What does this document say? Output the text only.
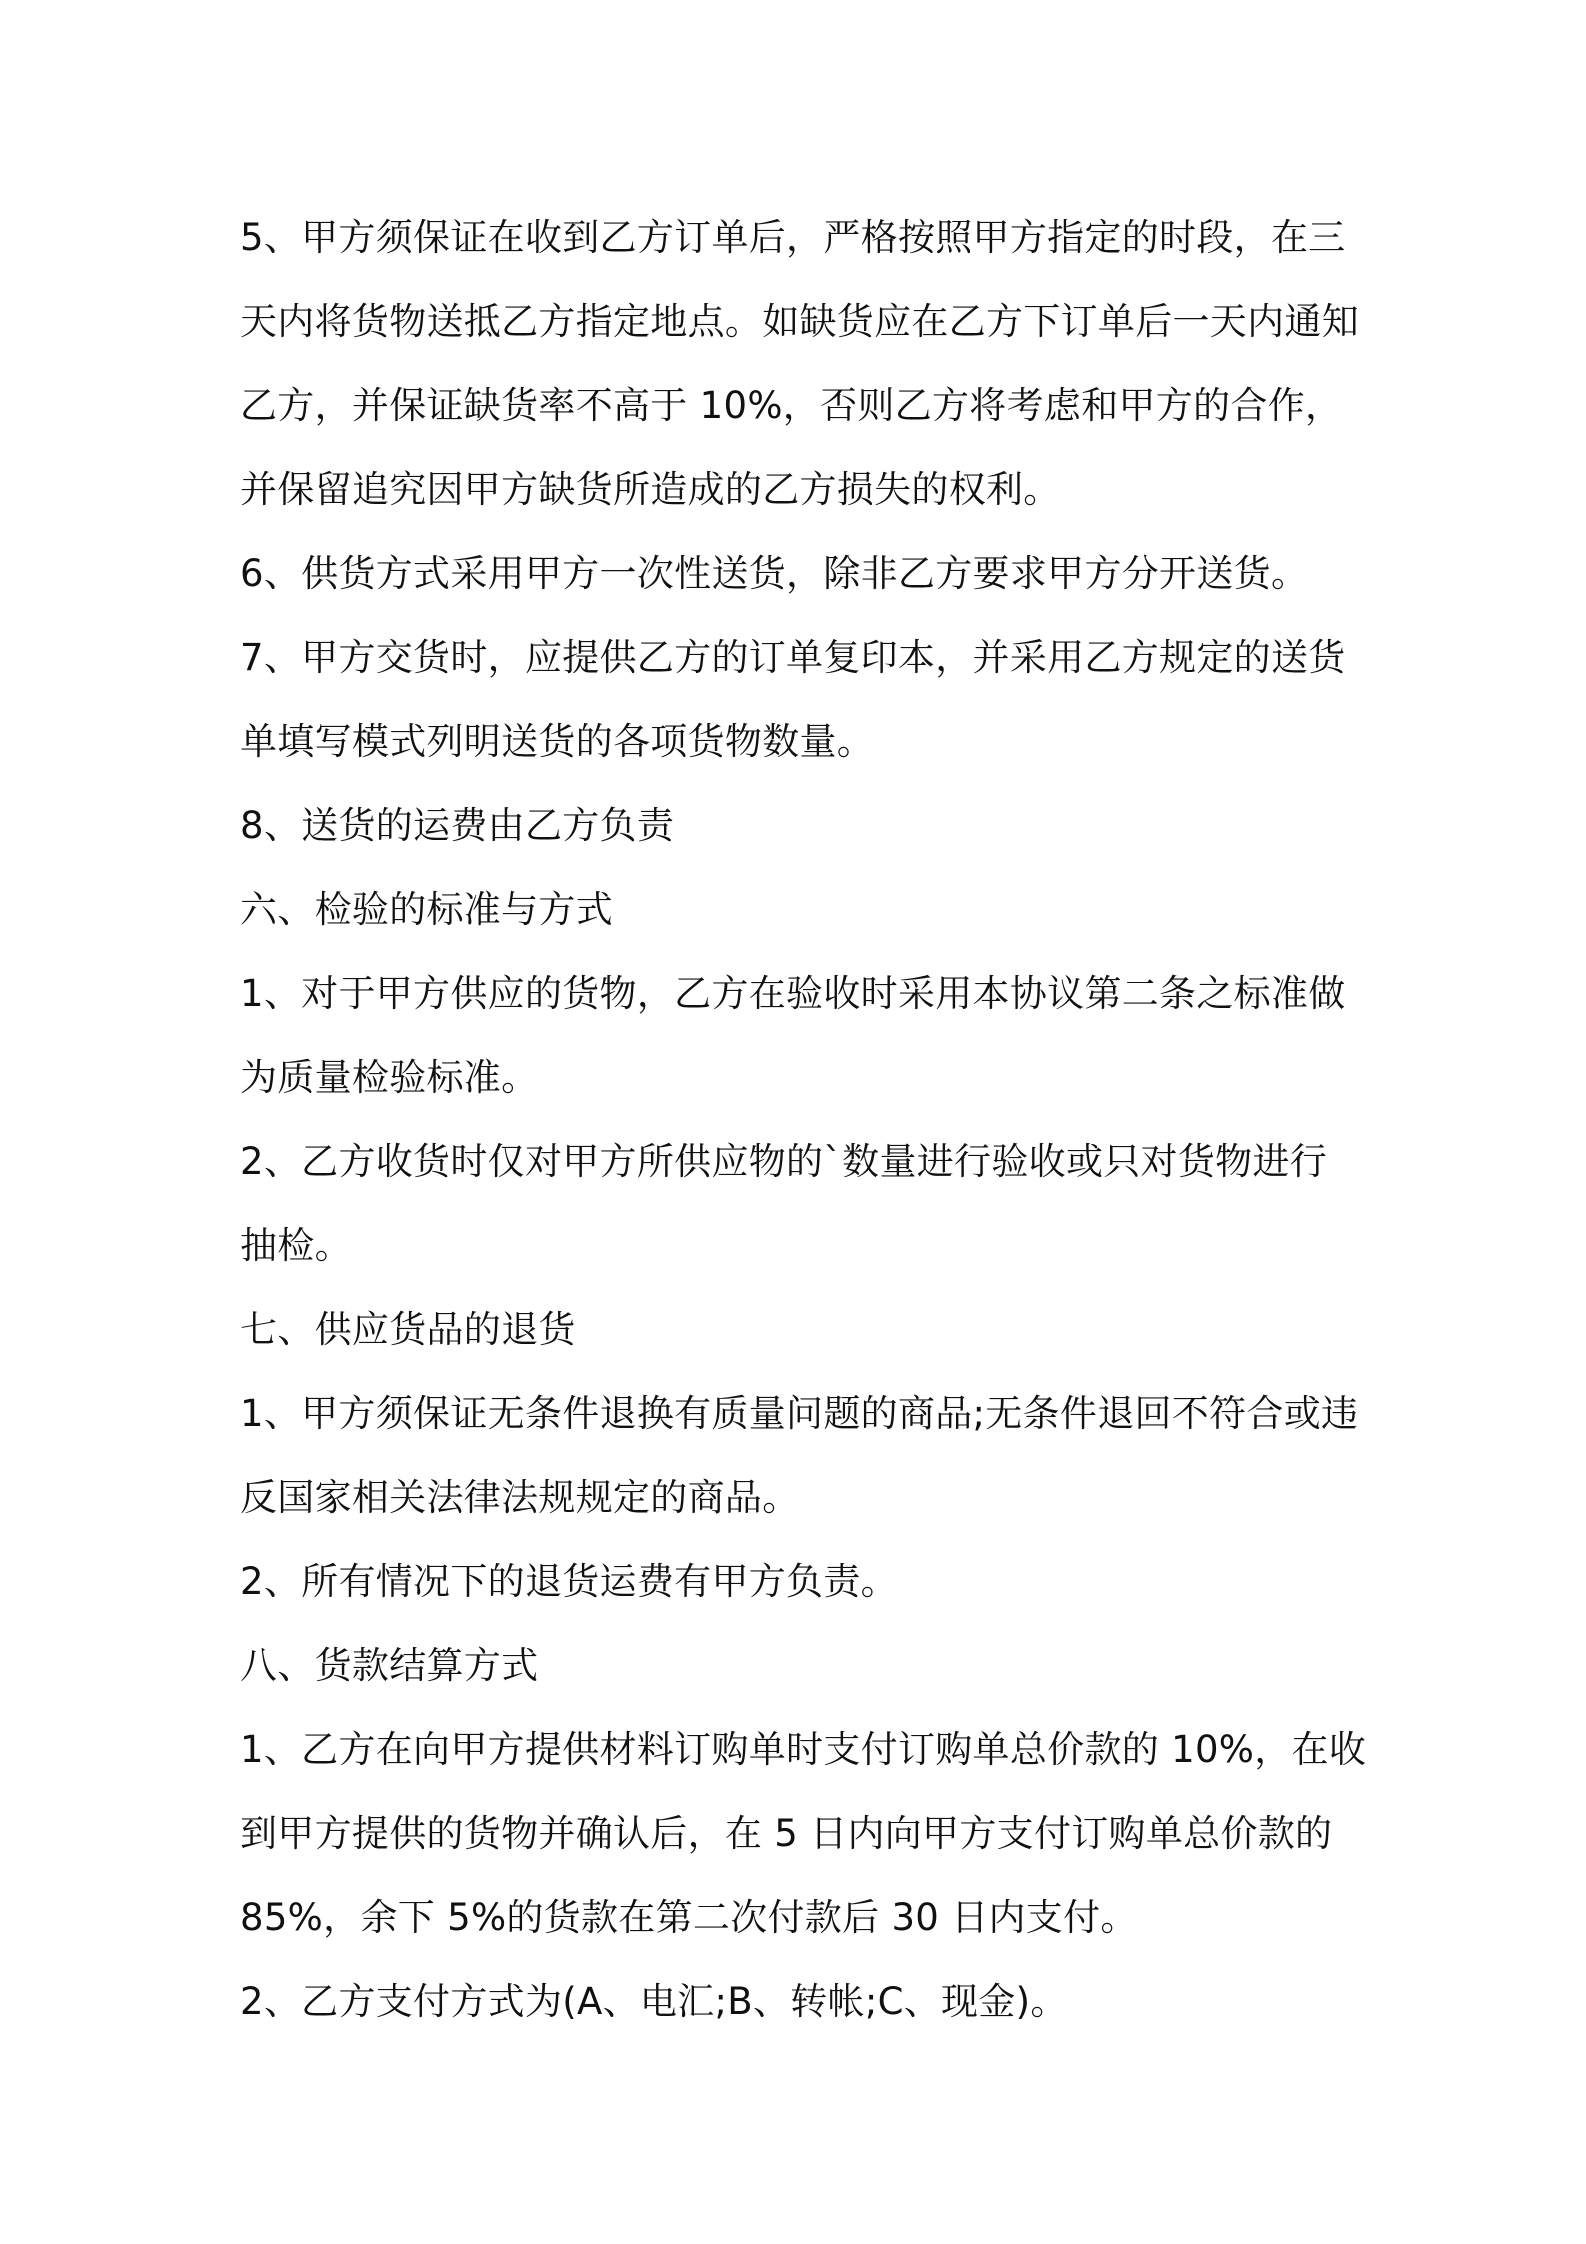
5、甲方须保证在收到乙方订单后，严格按照甲方指定的时段，在三
天内将货物送抵乙方指定地点。如缺货应在乙方下订单后一天内通知
乙方，并保证缺货率不高于 10%，否则乙方将考虑和甲方的合作，
并保留追究因甲方缺货所造成的乙方损失的权利。
6、供货方式采用甲方一次性送货，除非乙方要求甲方分开送货。
7、甲方交货时，应提供乙方的订单复印本，并采用乙方规定的送货
单填写模式列明送货的各项货物数量。
8、送货的运费由乙方负责
六、检验的标准与方式
1、对于甲方供应的货物，乙方在验收时采用本协议第二条之标准做
为质量检验标准。
2、乙方收货时仅对甲方所供应物的`数量进行验收或只对货物进行
抽检。
七、供应货品的退货
1、甲方须保证无条件退换有质量问题的商品;无条件退回不符合或违
反国家相关法律法规规定的商品。
2、所有情况下的退货运费有甲方负责。
八、货款结算方式
1、乙方在向甲方提供材料订购单时支付订购单总价款的 10%，在收
到甲方提供的货物并确认后，在 5 日内向甲方支付订购单总价款的
85%，余下 5%的货款在第二次付款后 30 日内支付。
2、乙方支付方式为(A、电汇;B、转帐;C、现金)。
